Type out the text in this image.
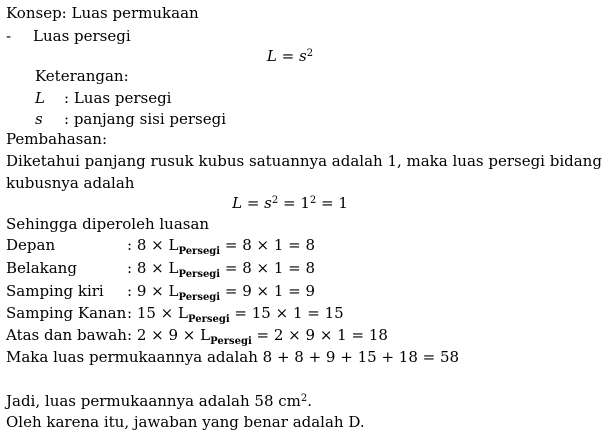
Konsep: Luas permukaan
- Luas persegi
$L = s^2$
Keterangan:
L : Luas persegi
s : panjang sisi persegi
Pembahasan:
Diketahui panjang rusuk kubus satuannya adalah 1, maka luas persegi bidang
kubusnya adalah
$L = s^2 = 1^2 = 1$
Sehingga diperoleh luasan
Depan	: $8 \times L_{Persegi} = 8 \times 1 = 8$
Belakang	: $8 \times L_{Persegi} = 8 \times 1 = 8$
Samping kiri : $9 \times L_{Persegi} = 9 \times 1 = 9$
Samping Kanan : $15 \times L_{Persegi} = 15 \times 1 = 15$
Atas dan bawah : $2 \times 9 \times L_{Persegi} = 2 \times 9 \times 1 = 18$
Maka luas permukaannya adalah 8 + 8 + 9 + 15 + 18 = 58
Jadi, luas permukaannya adalah 58 $cm^2$.
Oleh karena itu, jawaban yang benar adalah D.
